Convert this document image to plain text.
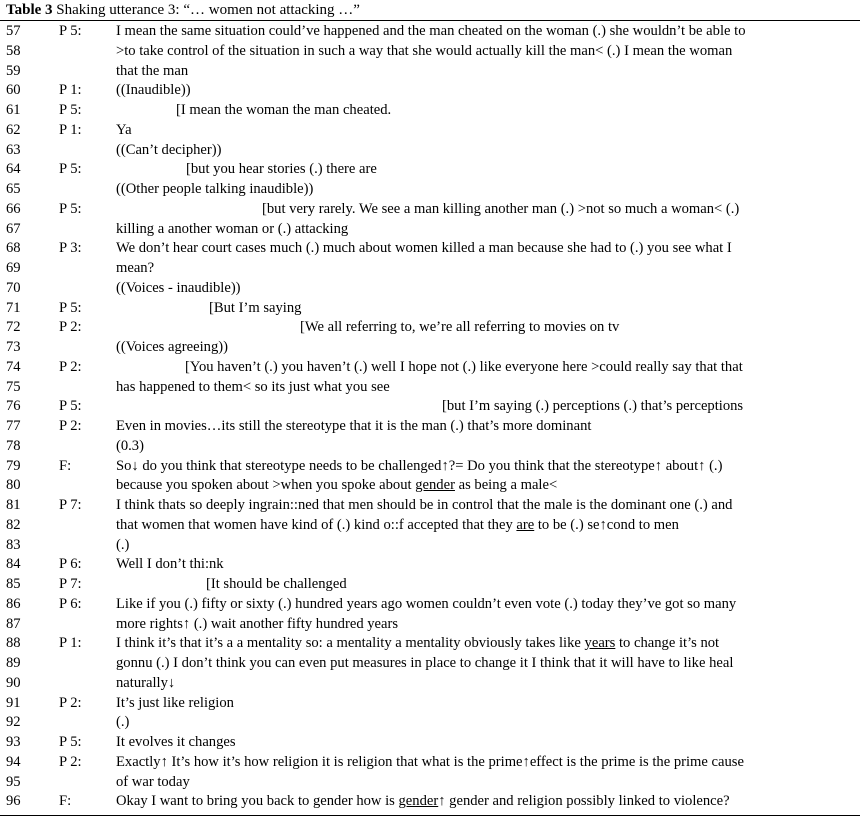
Table 3 Shaking utterance 3: “… women not attacking …”
57	P 5: I mean the same situation could’ve happened and the man cheated on the woman (.) she wouldn’t be able to
58	>to take control of the situation in such a way that she would actually kill the man< (.) I mean the woman
59	that the man
60	P 1: ((Inaudible))
61	P 5:	[I mean the woman the man cheated.
62	P 1: Ya
63	((Can’t decipher))
64	P 5:	[but you hear stories (.) there are
65	((Other people talking inaudible))
66	P 5:	[but very rarely. We see a man killing another man (.) >not so much a woman< (.)
67	killing a another woman or (.) attacking
68	P 3: We don’t hear court cases much (.) much about women killed a man because she had to (.) you see what I
69	mean?
70	((Voices - inaudible))
71	P 5:	[But I’m saying
72	P 2:	[We all referring to, we’re all referring to movies on tv
73	((Voices agreeing))
74	P 2:	[You haven’t (.) you haven’t (.) well I hope not (.) like everyone here >could really say that that
75	has happened to them< so its just what you see
76	P 5:	[but I’m saying (.) perceptions (.) that’s perceptions
77	P 2: Even in movies…its still the stereotype that it is the man (.) that’s more dominant
78	(0.3)
79	F:	So↓ do you think that stereotype needs to be challenged↑?= Do you think that the stereotype↑ about↑ (.)
80	because you spoken about >when you spoke about gender as being a male<
81	P 7: I think thats so deeply ingrain::ned that men should be in control that the male is the dominant one (.) and
82	that women that women have kind of (.) kind o::f accepted that they are to be (.) se↑cond to men
83	(.)
84	P 6: Well I don’t thi:nk
85	P 7:	[It should be challenged
86	P 6: Like if you (.) fifty or sixty (.) hundred years ago women couldn’t even vote (.) today they’ve got so many
87	more rights↑ (.) wait another fifty hundred years
88	P 1: I think it’s that it’s a a mentality so: a mentality a mentality obviously takes like years to change it’s not
89	gonnu (.) I don’t think you can even put measures in place to change it I think that it will have to like heal
90	naturally↓
91	P 2: It’s just like religion
92	(.)
93	P 5: It evolves it changes
94	P 2: Exactly↑ It’s how it’s how religion it is religion that what is the prime↑effect is the prime is the prime cause
95	of war today
96	F:	Okay I want to bring you back to gender how is gender↑ gender and religion possibly linked to violence?
